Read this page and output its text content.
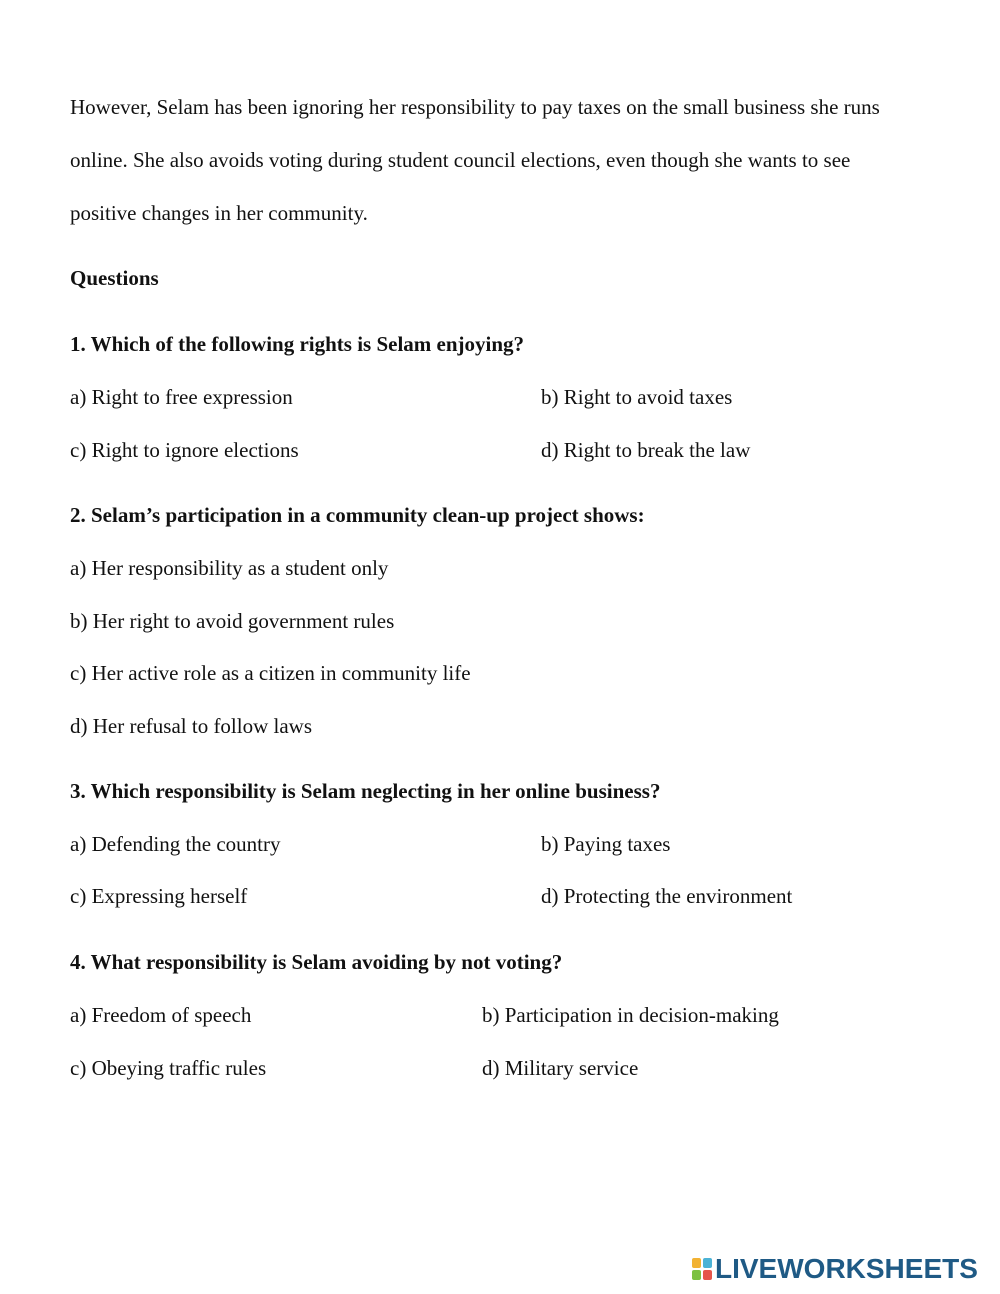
However, Selam has been ignoring her responsibility to pay taxes on the small business she runs
online. She also avoids voting during student council elections, even though she wants to see
positive changes in her community.
Questions
1. Which of the following rights is Selam enjoying?
a) Right to free expression	b) Right to avoid taxes
c) Right to ignore elections	d) Right to break the law
2. Selam’s participation in a community clean-up project shows:
a) Her responsibility as a student only
b) Her right to avoid government rules
c) Her active role as a citizen in community life
d) Her refusal to follow laws
3. Which responsibility is Selam neglecting in her online business?
a) Defending the country	b) Paying taxes
c) Expressing herself	d) Protecting the environment
4. What responsibility is Selam avoiding by not voting?
a) Freedom of speech	b) Participation in decision-making
c) Obeying traffic rules	d) Military service
LIVEWORKSHEETS
